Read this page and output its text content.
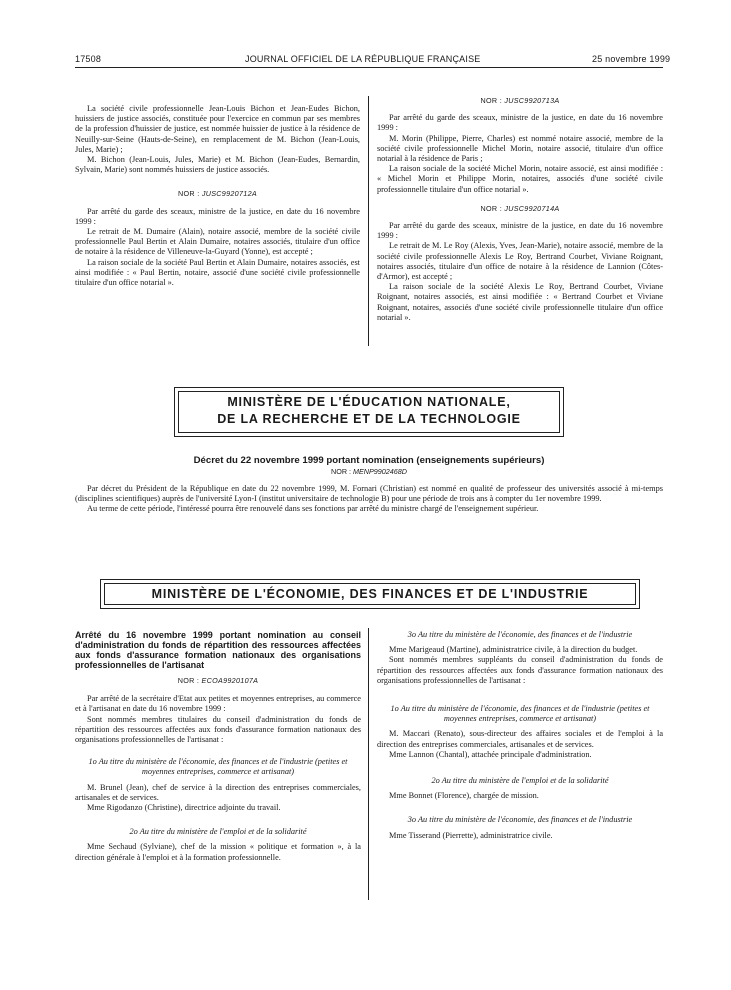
17508	JOURNAL OFFICIEL DE LA RÉPUBLIQUE FRANÇAISE	25 novembre 1999

La société civile professionnelle Jean-Louis Bichon et Jean-Eudes Bichon, huissiers de justice associés, constituée pour l'exercice en commun par ses membres de la profession d'huissier de justice, est nommée huissier de justice à la résidence de Neuilly-sur-Seine (Hauts-de-Seine), en remplacement de M. Bichon (Jean-Louis, Jules, Marie) ;

M. Bichon (Jean-Louis, Jules, Marie) et M. Bichon (Jean-Eudes, Bernardin, Sylvain, Marie) sont nommés huissiers de justice associés.

NOR : JUSC9920712A

Par arrêté du garde des sceaux, ministre de la justice, en date du 16 novembre 1999 :

Le retrait de M. Dumaire (Alain), notaire associé, membre de la société civile professionnelle Paul Bertin et Alain Dumaire, notaires associés, titulaire d'un office de notaire à la résidence de Villeneuve-la-Guyard (Yonne), est accepté ;

La raison sociale de la société Paul Bertin et Alain Dumaire, notaires associés, est ainsi modifiée : « Paul Bertin, notaire, associé d'une société civile professionnelle titulaire d'un office notarial ».

NOR : JUSC9920713A

Par arrêté du garde des sceaux, ministre de la justice, en date du 16 novembre 1999 :

M. Morin (Philippe, Pierre, Charles) est nommé notaire associé, membre de la société civile professionnelle Michel Morin, notaire associé, titulaire d'un office notarial à la résidence de Paris ;

La raison sociale de la société Michel Morin, notaire associé, est ainsi modifiée : « Michel Morin et Philippe Morin, notaires, associés d'une société civile professionnelle titulaire d'un office notarial ».

NOR : JUSC9920714A

Par arrêté du garde des sceaux, ministre de la justice, en date du 16 novembre 1999 :

Le retrait de M. Le Roy (Alexis, Yves, Jean-Marie), notaire associé, membre de la société civile professionnelle Alexis Le Roy, Bertrand Courbet, Viviane Roignant, notaires associés, titulaire d'un office de notaire à la résidence de Lannion (Côtes-d'Armor), est accepté ;

La raison sociale de la société Alexis Le Roy, Bertrand Courbet, Viviane Roignant, notaires associés, est ainsi modifiée : « Bertrand Courbet et Viviane Roignant, notaires, associés d'une société civile professionnelle titulaire d'un office notarial ».

MINISTÈRE DE L'ÉDUCATION NATIONALE,
DE LA RECHERCHE ET DE LA TECHNOLOGIE
Décret du 22 novembre 1999 portant nomination (enseignements supérieurs)
NOR : MENP9902468D

Par décret du Président de la République en date du 22 novembre 1999, M. Fornari (Christian) est nommé en qualité de professeur des universités associé à mi-temps (disciplines scientifiques) auprès de l'université Lyon-I (institut universitaire de technologie B) pour une période de trois ans à compter du 1er novembre 1999.

Au terme de cette période, l'intéressé pourra être renouvelé dans ses fonctions par arrêté du ministre chargé de l'enseignement supérieur.

MINISTÈRE DE L'ÉCONOMIE, DES FINANCES ET DE L'INDUSTRIE

Arrêté du 16 novembre 1999 portant nomination au conseil d'administration du fonds de répartition des ressources affectées aux fonds d'assurance formation nationaux des organisations professionnelles de l'artisanat

NOR : ECOA9920107A

Par arrêté de la secrétaire d'Etat aux petites et moyennes entreprises, au commerce et à l'artisanat en date du 16 novembre 1999 :

Sont nommés membres titulaires du conseil d'administration du fonds de répartition des ressources affectées aux fonds d'assurance formation nationaux des organisations professionnelles de l'artisanat :

1o Au titre du ministère de l'économie, des finances et de l'industrie (petites et moyennes entreprises, commerce et artisanat)

M. Brunel (Jean), chef de service à la direction des entreprises commerciales, artisanales et de services.

Mme Rigodanzo (Christine), directrice adjointe du travail.

2o Au titre du ministère de l'emploi et de la solidarité

Mme Sechaud (Sylviane), chef de la mission « politique et formation », à la direction générale à l'emploi et à la formation professionnelle.

3o Au titre du ministère de l'économie, des finances et de l'industrie

Mme Marigeaud (Martine), administratrice civile, à la direction du budget.

Sont nommés membres suppléants du conseil d'administration du fonds de répartition des ressources affectées aux fonds d'assurance formation nationaux des organisations professionnelles de l'artisanat :

1o Au titre du ministère de l'économie, des finances et de l'industrie (petites et moyennes entreprises, commerce et artisanat)

M. Maccari (Renato), sous-directeur des affaires sociales et de l'emploi à la direction des entreprises commerciales, artisanales et de services.

Mme Lannon (Chantal), attachée principale d'administration.

2o Au titre du ministère de l'emploi et de la solidarité

Mme Bonnet (Florence), chargée de mission.

3o Au titre du ministère de l'économie, des finances et de l'industrie

Mme Tisserand (Pierrette), administratrice civile.
